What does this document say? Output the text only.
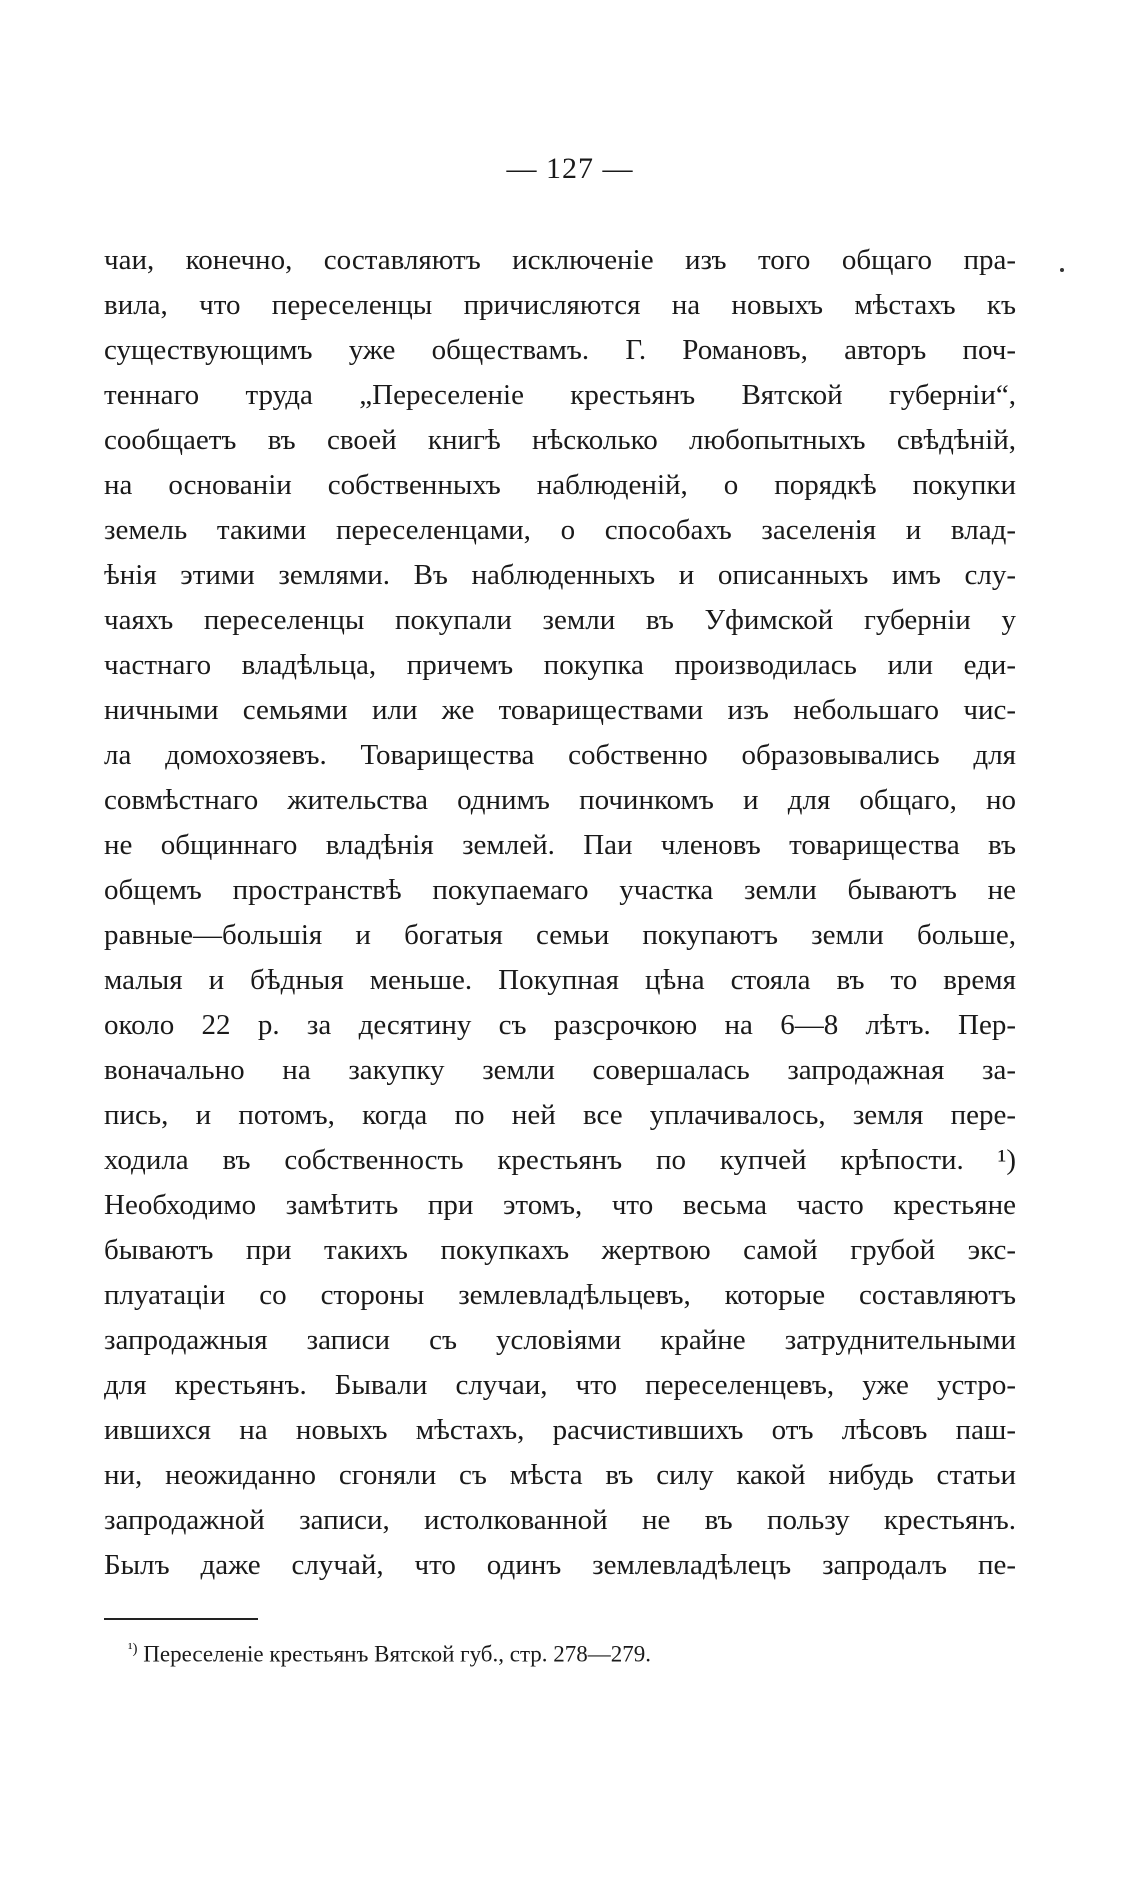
— 127 —
чаи, конечно, составляютъ исключеніе изъ того общаго пра-
вила, что переселенцы причисляются на новыхъ мѣстахъ къ
существующимъ уже обществамъ. Г. Романовъ, авторъ поч-
теннаго труда „Переселеніе крестьянъ Вятской губерніи“,
сообщаетъ въ своей книгѣ нѣсколько любопытныхъ свѣдѣній,
на основаніи собственныхъ наблюденій, о порядкѣ покупки
земель такими переселенцами, о способахъ заселенія и влад-
ѣнія этими землями. Въ наблюденныхъ и описанныхъ имъ слу-
чаяхъ переселенцы покупали земли въ Уфимской губерніи у
частнаго владѣльца, причемъ покупка производилась или еди-
ничными семьями или же товариществами изъ небольшаго чис-
ла домохозяевъ. Товарищества собственно образовывались для
совмѣстнаго жительства однимъ починкомъ и для общаго, но
не общиннаго владѣнія землей. Паи членовъ товарищества въ
общемъ пространствѣ покупаемаго участка земли бываютъ не
равные—большія и богатыя семьи покупаютъ земли больше,
малыя и бѣдныя меньше. Покупная цѣна стояла въ то время
около 22 р. за десятину съ разсрочкою на 6—8 лѣтъ. Пер-
воначально на закупку земли совершалась запродажная за-
пись, и потомъ, когда по ней все уплачивалось, земля пере-
ходила въ собственность крестьянъ по купчей крѣпости. ¹)
Необходимо замѣтить при этомъ, что весьма часто крестьяне
бываютъ при такихъ покупкахъ жертвою самой грубой экс-
плуатаціи со стороны землевладѣльцевъ, которые составляютъ
запродажныя записи съ условіями крайне затруднительными
для крестьянъ. Бывали случаи, что переселенцевъ, уже устро-
ившихся на новыхъ мѣстахъ, расчистившихъ отъ лѣсовъ паш-
ни, неожиданно сгоняли съ мѣста въ силу какой нибудь статьи
запродажной записи, истолкованной не въ пользу крестьянъ.
Былъ даже случай, что одинъ землевладѣлецъ запродалъ пе-
$^{^1)}$ Переселеніе крестьянъ Вятской губ., стр. 278—279.
